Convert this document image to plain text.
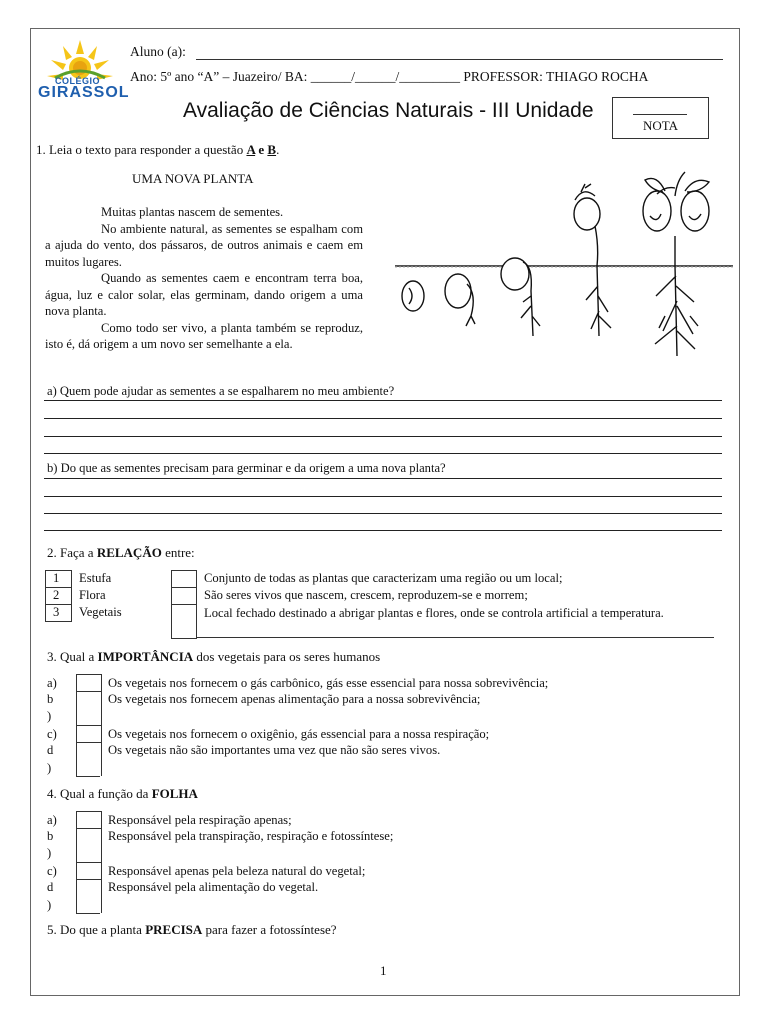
COLÉGIO
GIRASSOL
Aluno (a):
Ano: 5º ano “A” – Juazeiro/ BA: ______/______/_________ PROFESSOR: THIAGO ROCHA
Avaliação de Ciências Naturais - III Unidade
NOTA
1. Leia o texto para responder a questão A e B.
UMA NOVA PLANTA

Muitas plantas nascem de sementes.

No ambiente natural, as sementes se espalham com a ajuda do vento, dos pássaros, de outros animais e caem em muitos lugares.

Quando as sementes caem e encontram terra boa, água, luz e calor solar, elas germinam, dando origem a uma nova planta.

Como todo ser vivo, a planta também se reproduz, isto é, dá origem a um novo ser semelhante a ela.

a) Quem pode ajudar as sementes a se espalharem no meu ambiente?
b) Do que as sementes precisam para germinar e da origem a uma nova planta?
2. Faça a RELAÇÃO entre:
1
2
3
Estufa
Flora
Vegetais
Conjunto de todas as plantas que caracterizam uma região ou um local;
São seres vivos que nascem, crescem, reproduzem-se e morrem;
Local fechado destinado a abrigar plantas e flores, onde se controla artificial a temperatura.
3. Qual a IMPORTÂNCIA dos vegetais para os seres humanos
a)
b
)
c)
d
)
Os vegetais nos fornecem o gás carbônico, gás esse essencial para nossa sobrevivência;
Os vegetais nos fornecem apenas alimentação para a nossa sobrevivência;
Os vegetais nos fornecem o oxigênio, gás essencial para a nossa respiração;
Os vegetais não são importantes uma vez que não são seres vivos.
4. Qual a função da FOLHA
a)
b
)
c)
d
)
Responsável pela respiração apenas;
Responsável pela transpiração, respiração e fotossíntese;
Responsável apenas pela beleza natural do vegetal;
Responsável pela alimentação do vegetal.
5. Do que a planta PRECISA para fazer a fotossíntese?
1
